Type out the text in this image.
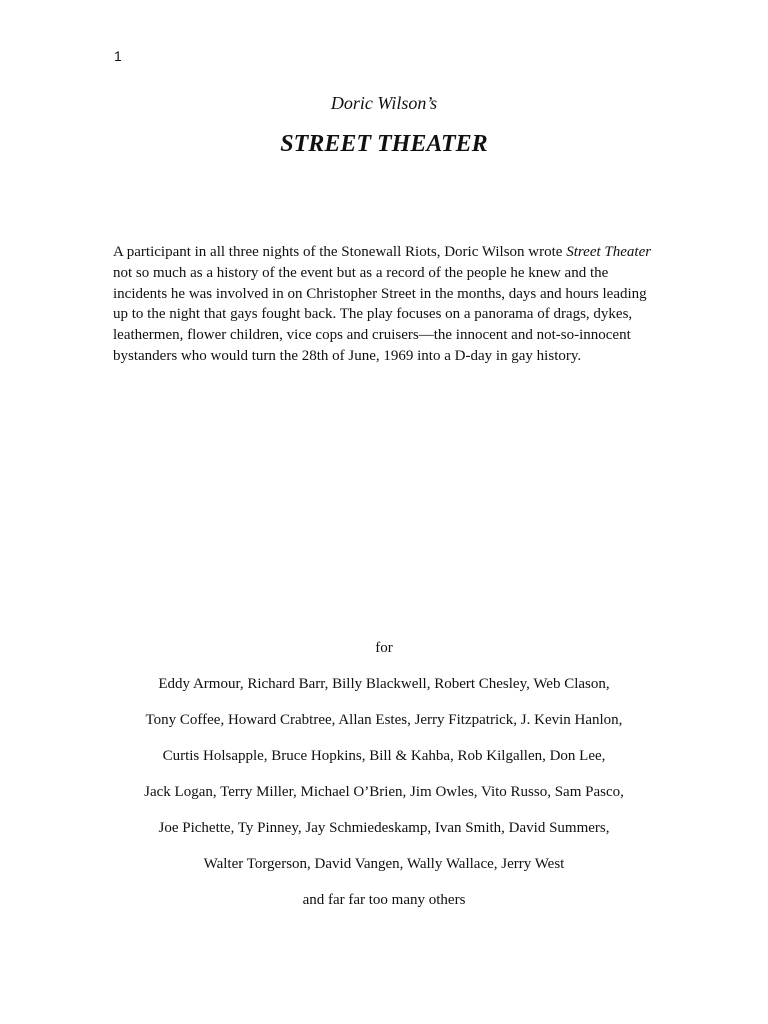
1
Doric Wilson’s
STREET THEATER

A participant in all three nights of the Stonewall Riots, Doric Wilson wrote Street Theater not so much as a history of the event but as a record of the people he knew and the incidents he was involved in on Christopher Street in the months, days and hours leading up to the night that gays fought back. The play focuses on a panorama of drags, dykes, leathermen, flower children, vice cops and cruisers—the innocent and not-so-innocent bystanders who would turn the 28th of June, 1969 into a D-day in gay history.

for
Eddy Armour, Richard Barr, Billy Blackwell, Robert Chesley, Web Clason,
Tony Coffee, Howard Crabtree, Allan Estes, Jerry Fitzpatrick, J. Kevin Hanlon,
Curtis Holsapple, Bruce Hopkins, Bill & Kahba, Rob Kilgallen, Don Lee,
Jack Logan, Terry Miller, Michael O’Brien, Jim Owles, Vito Russo, Sam Pasco,
Joe Pichette, Ty Pinney, Jay Schmiedeskamp, Ivan Smith, David Summers,
Walter Torgerson, David Vangen, Wally Wallace, Jerry West
and far far too many others
